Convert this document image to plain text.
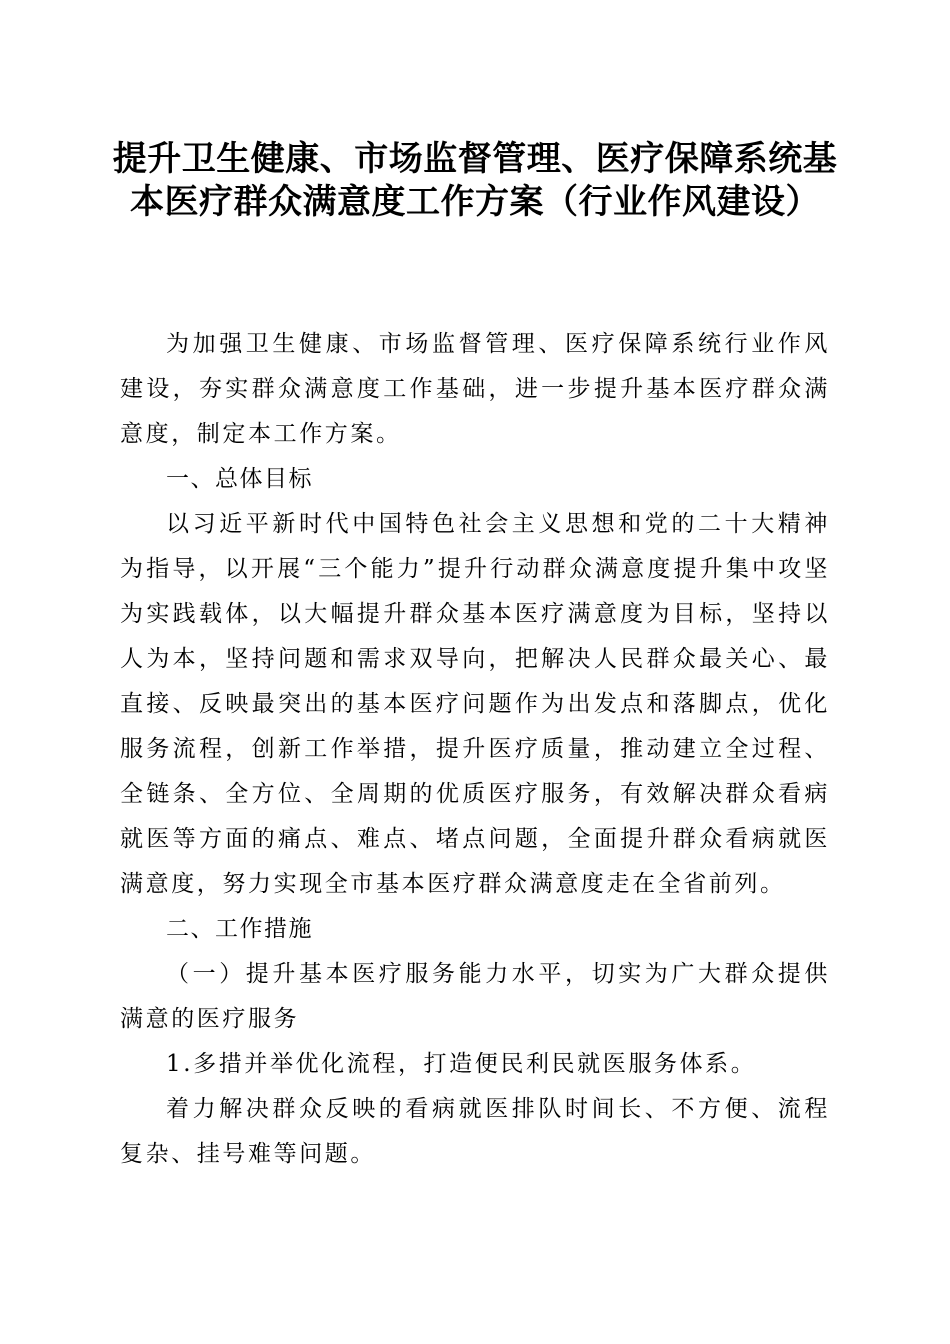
提升卫生健康、市场监督管理、医疗保障系统基本医疗群众满意度工作方案（行业作风建设）

为加强卫生健康、市场监督管理、医疗保障系统行业作风建设，夯实群众满意度工作基础，进一步提升基本医疗群众满意度，制定本工作方案。

一、总体目标

以习近平新时代中国特色社会主义思想和党的二十大精神为指导，以开展“三个能力”提升行动群众满意度提升集中攻坚为实践载体，以大幅提升群众基本医疗满意度为目标，坚持以人为本，坚持问题和需求双导向，把解决人民群众最关心、最直接、反映最突出的基本医疗问题作为出发点和落脚点，优化服务流程，创新工作举措，提升医疗质量，推动建立全过程、全链条、全方位、全周期的优质医疗服务，有效解决群众看病就医等方面的痛点、难点、堵点问题，全面提升群众看病就医满意度，努力实现全市基本医疗群众满意度走在全省前列。

二、工作措施

（一）提升基本医疗服务能力水平，切实为广大群众提供满意的医疗服务

1.多措并举优化流程，打造便民利民就医服务体系。

着力解决群众反映的看病就医排队时间长、不方便、流程复杂、挂号难等问题。
